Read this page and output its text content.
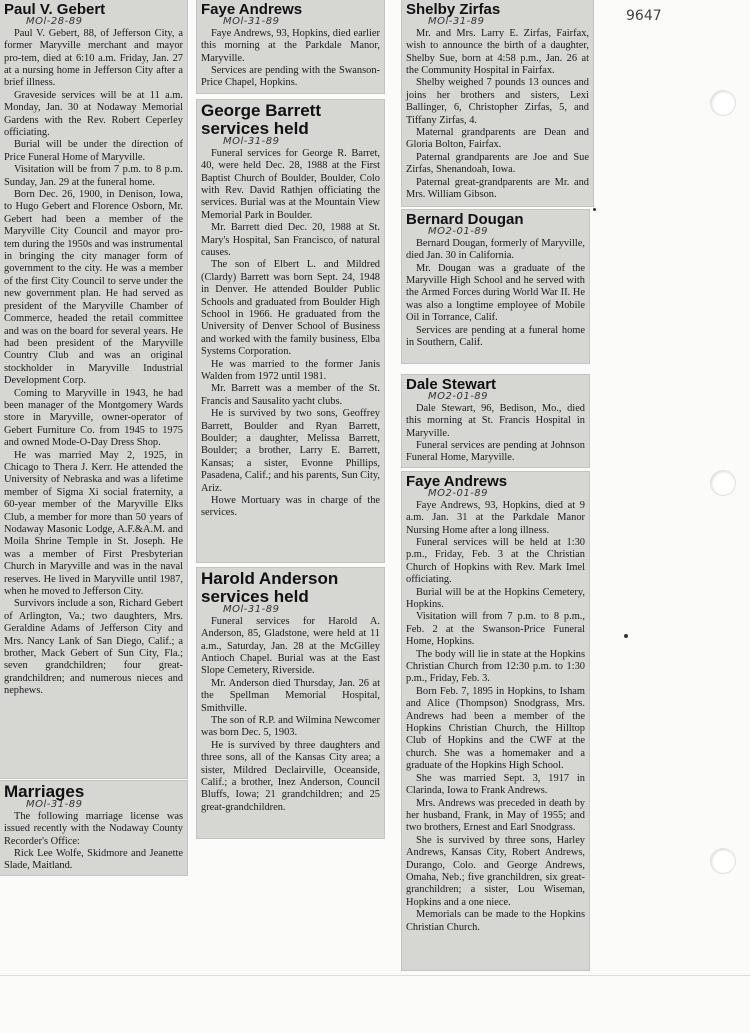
9647
Paul V. Gebert
MOl-28-89

Paul V. Gebert, 88, of Jefferson City, a former Maryville merchant and mayor pro-tem, died at 6:10 a.m. Friday, Jan. 27 at a nursing home in Jefferson City after a brief illness.

Graveside services will be at 11 a.m. Monday, Jan. 30 at Nodaway Memorial Gardens with the Rev. Robert Ceperley officiating.

Burial will be under the direction of Price Funeral Home of Maryville.

Visitation will be from 7 p.m. to 8 p.m. Sunday, Jan. 29 at the funeral home.

Born Dec. 26, 1900, in Denison, Iowa, to Hugo Gebert and Florence Osborn, Mr. Gebert had been a member of the Maryville City Council and mayor pro-tem during the 1950s and was instrumental in bringing the city manager form of government to the city. He was a member of the first City Council to serve under the new government plan. He had served as president of the Maryville Chamber of Commerce, headed the retail committee and was on the board for several years. He had been president of the Maryville Country Club and was an original stockholder in Maryville Industrial Development Corp.

Coming to Maryville in 1943, he had been manager of the Montgomery Wards store in Maryville, owner-operator of Gebert Furniture Co. from 1945 to 1975 and owned Mode-O-Day Dress Shop.

He was married May 2, 1925, in Chicago to Thera J. Kerr. He attended the University of Nebraska and was a lifetime member of Sigma Xi social fraternity, a 60-year member of the Maryville Elks Club, a member for more than 50 years of Nodaway Masonic Lodge, A.F.&A.M. and Moila Shrine Temple in St. Joseph. He was a member of First Presbyterian Church in Maryville and was in the naval reserves. He lived in Maryville until 1987, when he moved to Jefferson City.

Survivors include a son, Richard Gebert of Arlington, Va.; two daughters, Mrs. Geraldine Adams of Jefferson City and Mrs. Nancy Lank of San Diego, Calif.; a brother, Mack Gebert of Sun City, Fla.; seven grandchildren; four great-grandchildren; and numerous nieces and nephews.

Marriages
MOl-31-89

The following marriage license was issued recently with the Nodaway County Recorder's Office:

Rick Lee Wolfe, Skidmore and Jeanette Slade, Maitland.

Faye Andrews
MOl-31-89

Faye Andrews, 93, Hopkins, died earlier this morning at the Parkdale Manor, Maryville.

Services are pending with the Swanson-Price Chapel, Hopkins.

George Barrett
services held
MOl-31-89

Funeral services for George R. Barret, 40, were held Dec. 28, 1988 at the First Baptist Church of Boulder, Boulder, Colo with Rev. David Rathjen officiating the services. Burial was at the Mountain View Memorial Park in Boulder.

Mr. Barrett died Dec. 20, 1988 at St. Mary's Hospital, San Francisco, of natural causes.

The son of Elbert L. and Mildred (Clardy) Barrett was born Sept. 24, 1948 in Denver. He attended Boulder Public Schools and graduated from Boulder High School in 1966. He graduated from the University of Denver School of Business and worked with the family business, Elba Systems Corporation.

He was married to the former Janis Walden from 1972 until 1981.

Mr. Barrett was a member of the St. Francis and Sausalito yacht clubs.

He is survived by two sons, Geoffrey Barrett, Boulder and Ryan Barrett, Boulder; a daughter, Melissa Barrett, Boulder; a brother, Larry E. Barrett, Kansas; a sister, Evonne Phillips, Pasadena, Calif.; and his parents, Sun City, Ariz.

Howe Mortuary was in charge of the services.

Harold Anderson
services held
MOl-31-89

Funeral services for Harold A. Anderson, 85, Gladstone, were held at 11 a.m., Saturday, Jan. 28 at the McGilley Antioch Chapel. Burial was at the East Slope Cemetery, Riverside.

Mr. Anderson died Thursday, Jan. 26 at the Spellman Memorial Hospital, Smithville.

The son of R.P. and Wilmina Newcomer was born Dec. 5, 1903.

He is survived by three daughters and three sons, all of the Kansas City area; a sister, Mildred Declairville, Oceanside, Calif.; a brother, Inez Anderson, Council Bluffs, Iowa; 21 grandchildren; and 25 great-grandchildren.

Shelby Zirfas
MOl-31-89

Mr. and Mrs. Larry E. Zirfas, Fairfax, wish to announce the birth of a daughter, Shelby Sue, born at 4:58 p.m., Jan. 26 at the Community Hospital in Fairfax.

Shelby weighed 7 pounds 13 ounces and joins her brothers and sisters, Lexi Ballinger, 6, Christopher Zirfas, 5, and Tiffany Zirfas, 4.

Maternal grandparents are Dean and Gloria Bolton, Fairfax.

Paternal grandparents are Joe and Sue Zirfas, Shenandoah, Iowa.

Paternal great-grandparents are Mr. and Mrs. William Gibson.

Bernard Dougan
MO2-01-89

Bernard Dougan, formerly of Maryville, died Jan. 30 in California.

Mr. Dougan was a graduate of the Maryville High School and he served with the Armed Forces during World War II. He was also a longtime employee of Mobile Oil in Torrance, Calif.

Services are pending at a funeral home in Southern, Calif.

Dale Stewart
MO2-01-89

Dale Stewart, 96, Bedison, Mo., died this morning at St. Francis Hospital in Maryville.

Funeral services are pending at Johnson Funeral Home, Maryville.

Faye Andrews
MO2-01-89

Faye Andrews, 93, Hopkins, died at 9 a.m. Jan. 31 at the Parkdale Manor Nursing Home after a long illness.

Funeral services will be held at 1:30 p.m., Friday, Feb. 3 at the Christian Church of Hopkins with Rev. Mark Imel officiating.

Burial will be at the Hopkins Cemetery, Hopkins.

Visitation will from 7 p.m. to 8 p.m., Feb. 2 at the Swanson-Price Funeral Home, Hopkins.

The body will lie in state at the Hopkins Christian Church from 12:30 p.m. to 1:30 p.m., Friday, Feb. 3.

Born Feb. 7, 1895 in Hopkins, to Isham and Alice (Thompson) Snodgrass, Mrs. Andrews had been a member of the Hopkins Christian Church, the Hilltop Club of Hopkins and the CWF at the church. She was a homemaker and a graduate of the Hopkins High School.

She was married Sept. 3, 1917 in Clarinda, Iowa to Frank Andrews.

Mrs. Andrews was preceded in death by her husband, Frank, in May of 1955; and two brothers, Ernest and Earl Snodgrass.

She is survived by three sons, Harley Andrews, Kansas City, Robert Andrews, Durango, Colo. and George Andrews, Omaha, Neb.; five granchildren, six great-granchildren; a sister, Lou Wiseman, Hopkins and a one niece.

Memorials can be made to the Hopkins Christian Church.
